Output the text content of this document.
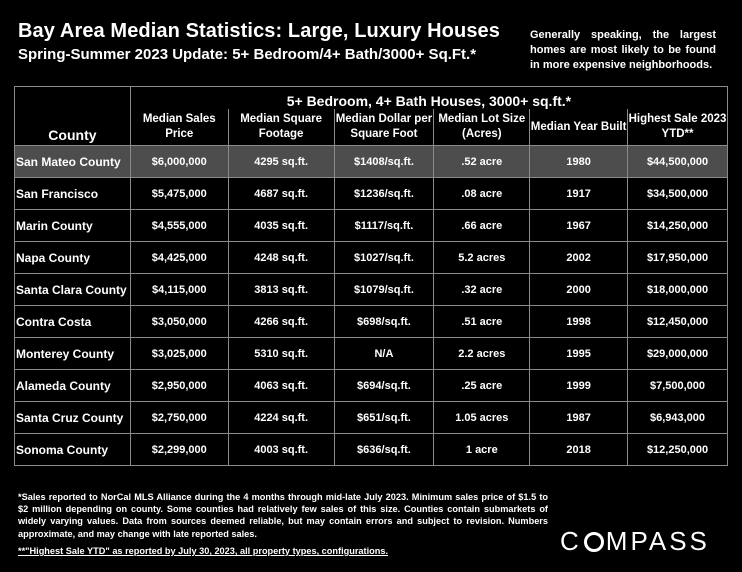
Bay Area Median Statistics: Large, Luxury Houses
Spring-Summer 2023 Update: 5+ Bedroom/4+ Bath/3000+ Sq.Ft.*
Generally speaking, the largest homes are most likely to be found in more expensive neighborhoods.
	5+ Bedroom, 4+ Bath Houses, 3000+ sq.ft.*					
County	Median Sales Price	Median Square Footage	Median Dollar per Square Foot	Median Lot Size (Acres)	Median Year Built	Highest Sale 2023 YTD**
San Mateo County	$6,000,000	4295 sq.ft.	$1408/sq.ft.	.52 acre	1980	$44,500,000
San Francisco	$5,475,000	4687 sq.ft.	$1236/sq.ft.	.08 acre	1917	$34,500,000
Marin County	$4,555,000	4035 sq.ft.	$1117/sq.ft.	.66 acre	1967	$14,250,000
Napa County	$4,425,000	4248 sq.ft.	$1027/sq.ft.	5.2 acres	2002	$17,950,000
Santa Clara County	$4,115,000	3813 sq.ft.	$1079/sq.ft.	.32 acre	2000	$18,000,000
Contra Costa	$3,050,000	4266 sq.ft.	$698/sq.ft.	.51 acre	1998	$12,450,000
Monterey County	$3,025,000	5310 sq.ft.	N/A	2.2 acres	1995	$29,000,000
Alameda County	$2,950,000	4063 sq.ft.	$694/sq.ft.	.25 acre	1999	$7,500,000
Santa Cruz County	$2,750,000	4224 sq.ft.	$651/sq.ft.	1.05 acres	1987	$6,943,000
Sonoma County	$2,299,000	4003 sq.ft.	$636/sq.ft.	1 acre	2018	$12,250,000
*Sales reported to NorCal MLS Alliance during the 4 months through mid-late July 2023. Minimum sales price of $1.5 to $2 million depending on county. Some counties had relatively few sales of this size. Counties contain submarkets of widely varying values. Data from sources deemed reliable, but may contain errors and subject to revision. Numbers approximate, and may change with late reported sales.
**"Highest Sale YTD" as reported by July 30, 2023, all property types, configurations.	C MPASS
